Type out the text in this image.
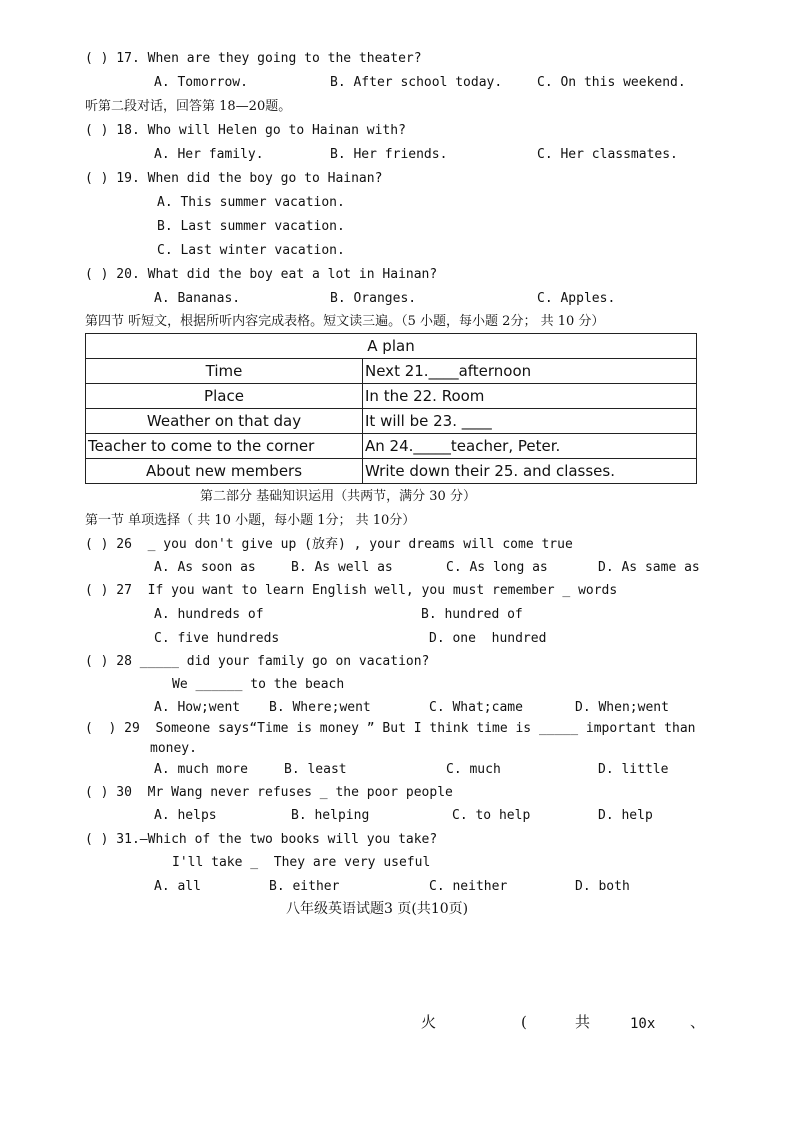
( ) 17. When are they going to the theater?
A. Tomorrow.	B. After school today.	C. On this weekend.
听第二段对话，回答第 18—20题。
( ) 18. Who will Helen go to Hainan with?
A. Her family.	B. Her friends.	C. Her classmates.
( ) 19. When did the boy go to Hainan?
A. This summer vacation.
B. Last summer vacation.
C. Last winter vacation.
( ) 20. What did the boy eat a lot in Hainan?
A. Bananas.	B. Oranges.	C. Apples.
第四节 听短文，根据所听内容完成表格。短文读三遍。（5 小题，每小题 2分； 共 10 分）
A plan	
Time	Next 21.____afternoon
Place	In the 22. Room
Weather on that day	It will be 23. ____
Teacher to come to the corner	An 24._____teacher, Peter.
About new members	Write down their 25. and classes.
第二部分 基础知识运用（共两节，满分 30 分）
第一节 单项选择（ 共 10 小题，每小题 1分； 共 10分）
( ) 26  _ you don't give up (放弃) , your dreams will come true
A. As soon as	B. As well as	C. As long as	D. As same as
( ) 27  If you want to learn English well, you must remember _ words
A. hundreds of	B. hundred of
C. five hundreds	D. one  hundred
( ) 28 _____ did your family go on vacation?
We ______ to the beach
A. How;went B. Where;went	C. What;came	D. When;went
(  ) 29  Someone says“Time is money ” But I think time is _____ important than
money.
A. much more	B. least	C. much	D. little
( ) 30  Mr Wang never refuses _ the poor people
A. helps	B. helping	C. to help	D. help
( ) 31.—Which of the two books will you take?
I'll take _  They are very useful
A. all	B. either	C. neither	D. both
八年级英语试题3 页(共10页)
火	(	共	10x 、
